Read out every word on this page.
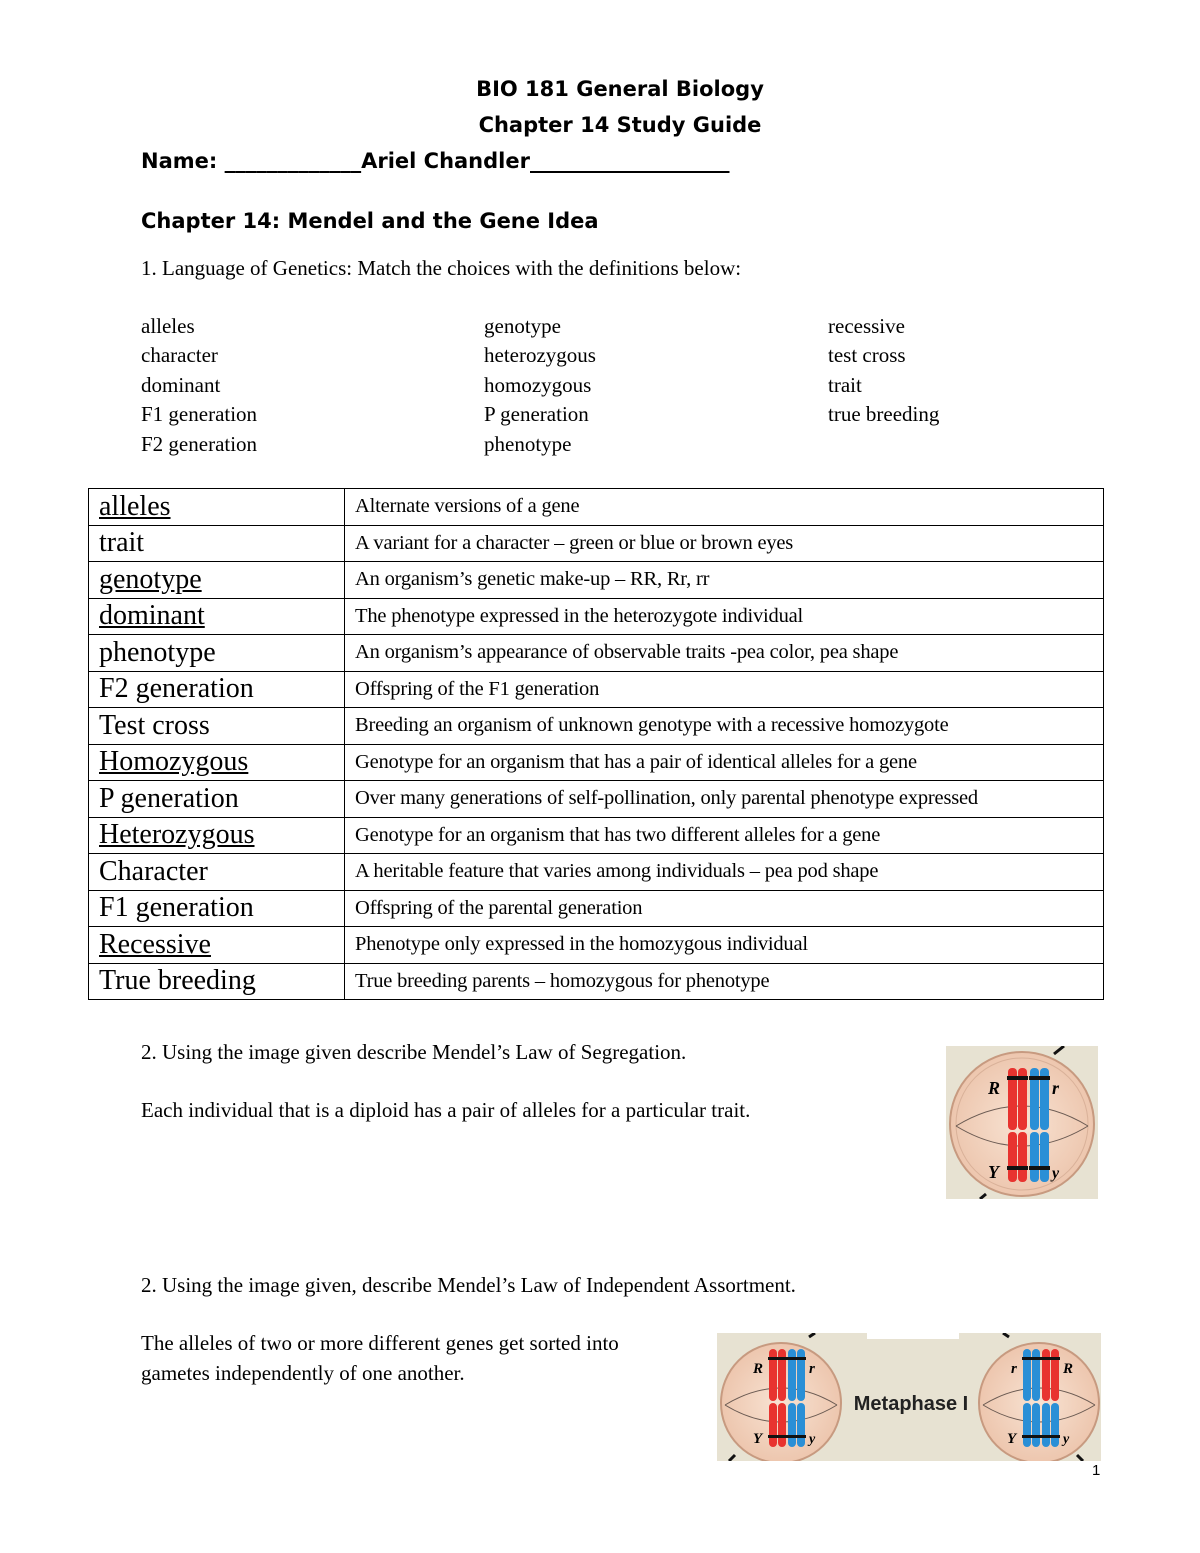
BIO 181 General Biology
Chapter 14 Study Guide
Name: _____________Ariel Chandler___________________
Chapter 14: Mendel and the Gene Idea
1. Language of Genetics: Match the choices with the definitions below:
alleles
character
dominant
F1 generation
F2 generation
genotype
heterozygous
homozygous
P generation
phenotype
recessive
test cross
trait
true breeding
alleles	Alternate versions of a gene
trait	A variant for a character – green or blue or brown eyes
genotype	An organism’s genetic make-up – RR, Rr, rr
dominant	The phenotype expressed in the heterozygote individual
phenotype	An organism’s appearance of observable traits -pea color, pea shape
F2 generation	Offspring of the F1 generation
Test cross	Breeding an organism of unknown genotype with a recessive homozygote
Homozygous	Genotype for an organism that has a pair of identical alleles for a gene
P generation	Over many generations of self-pollination, only parental phenotype expressed
Heterozygous	Genotype for an organism that has two different alleles for a gene
Character	A heritable feature that varies among individuals – pea pod shape
F1 generation	Offspring of the parental generation
Recessive	Phenotype only expressed in the homozygous individual
True breeding	True breeding parents – homozygous for phenotype
2. Using the image given describe Mendel’s Law of Segregation.
Each individual that is a diploid has a pair of alleles for a particular trait.
R	r
Y	y
2. Using the image given, describe Mendel’s Law of Independent Assortment.
The alleles of two or more different genes get sorted into
gametes independently of one another.	R	r
Y	y
Metaphase I
r	R
Y	y
1
